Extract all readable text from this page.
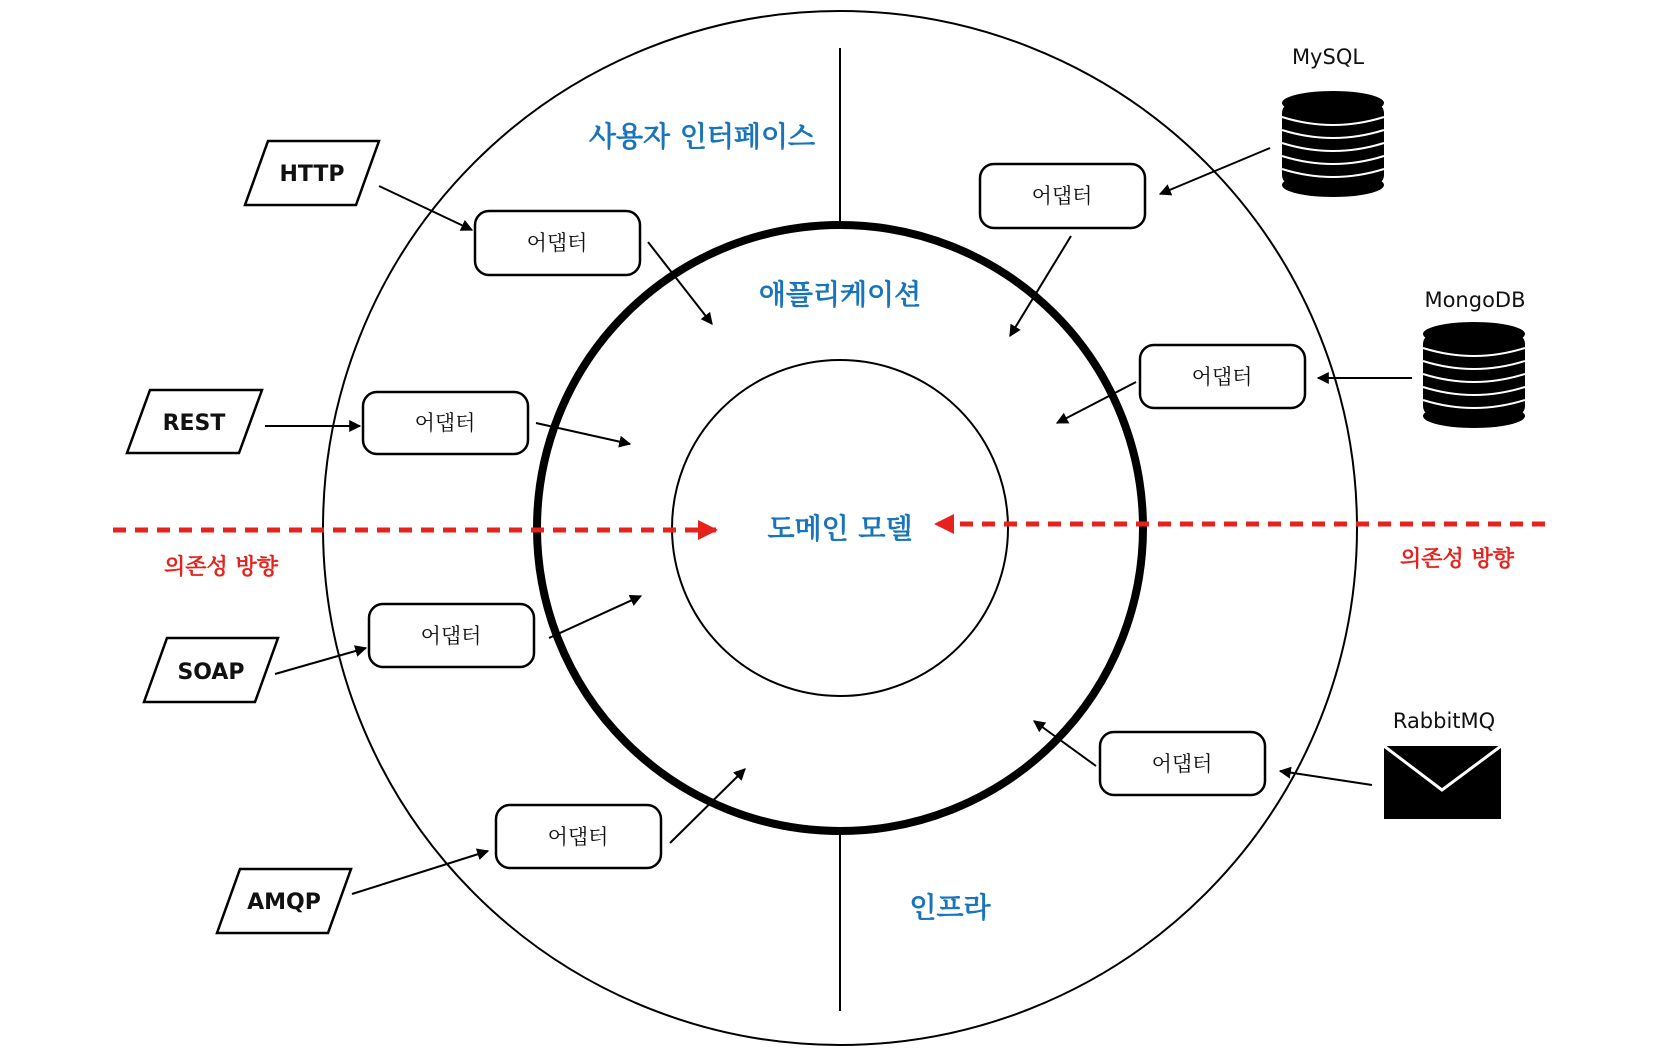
사용자 인터페이스
애플리케이션
도메인 모델
인프라
의존성 방향	의존성 방향
HTTP
REST
SOAP
AMQP
어댑터
어댑터
어댑터
어댑터
어댑터
어댑터
어댑터
MySQL
MongoDB
RabbitMQ
